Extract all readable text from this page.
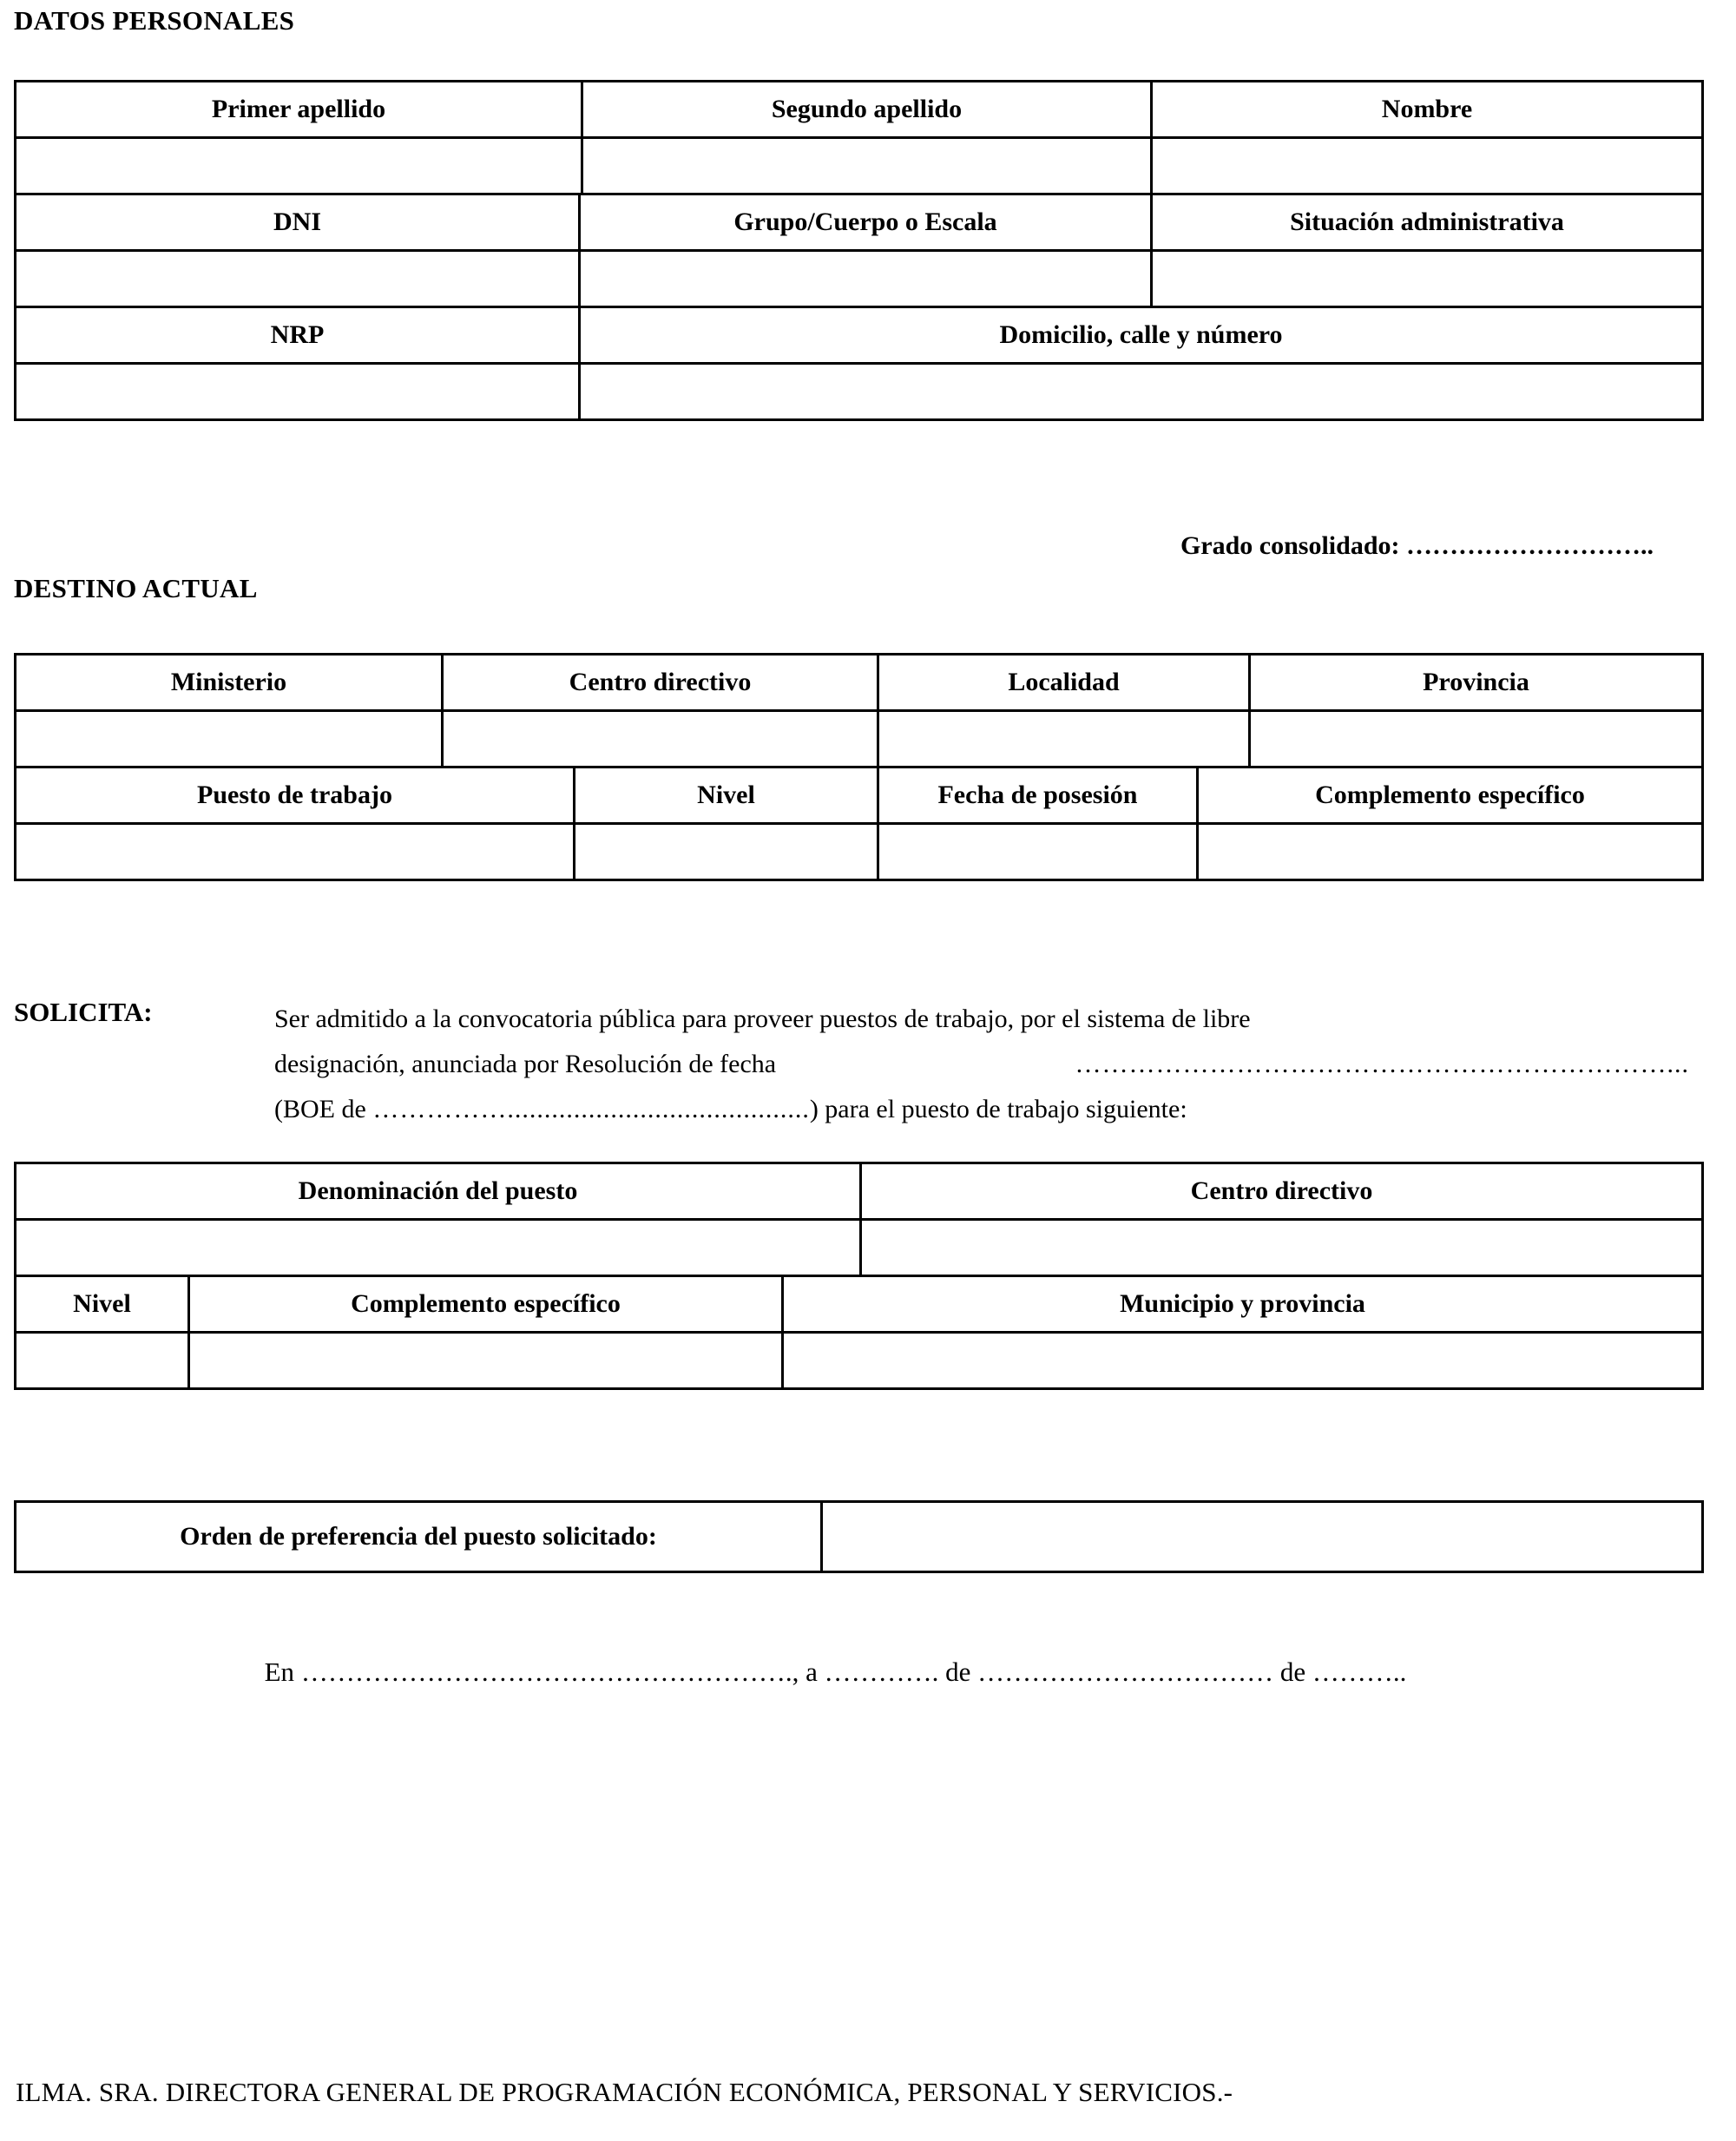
DATOS PERSONALES
Primer apellido		Segundo apellido	Nombre

DNI	Grupo/Cuerpo o Escala		Situación administrativa

NRP	Domicilio, calle y número		

Grado consolidado: ………………………..
DESTINO ACTUAL
Ministerio	Centro directivo		Localidad		Provincia

Puesto de trabajo		Nivel	Fecha de posesión	Complemento específico	

SOLICITA:	Ser admitido a la convocatoria pública para proveer puestos de trabajo, por el sistema de libre
designación, anunciada por Resolución de fecha	…………………………………………………………...
(BOE de …………….........................................) para el puesto de trabajo siguiente:
Denominación del puesto			Centro directivo

Nivel	Complemento específico	Municipio y provincia	

Orden de preferencia del puesto solicitado:	
En ………………………………………………., a …………. de …………………………… de ………..
ILMA. SRA. DIRECTORA GENERAL DE PROGRAMACIÓN ECONÓMICA, PERSONAL Y SERVICIOS.-
